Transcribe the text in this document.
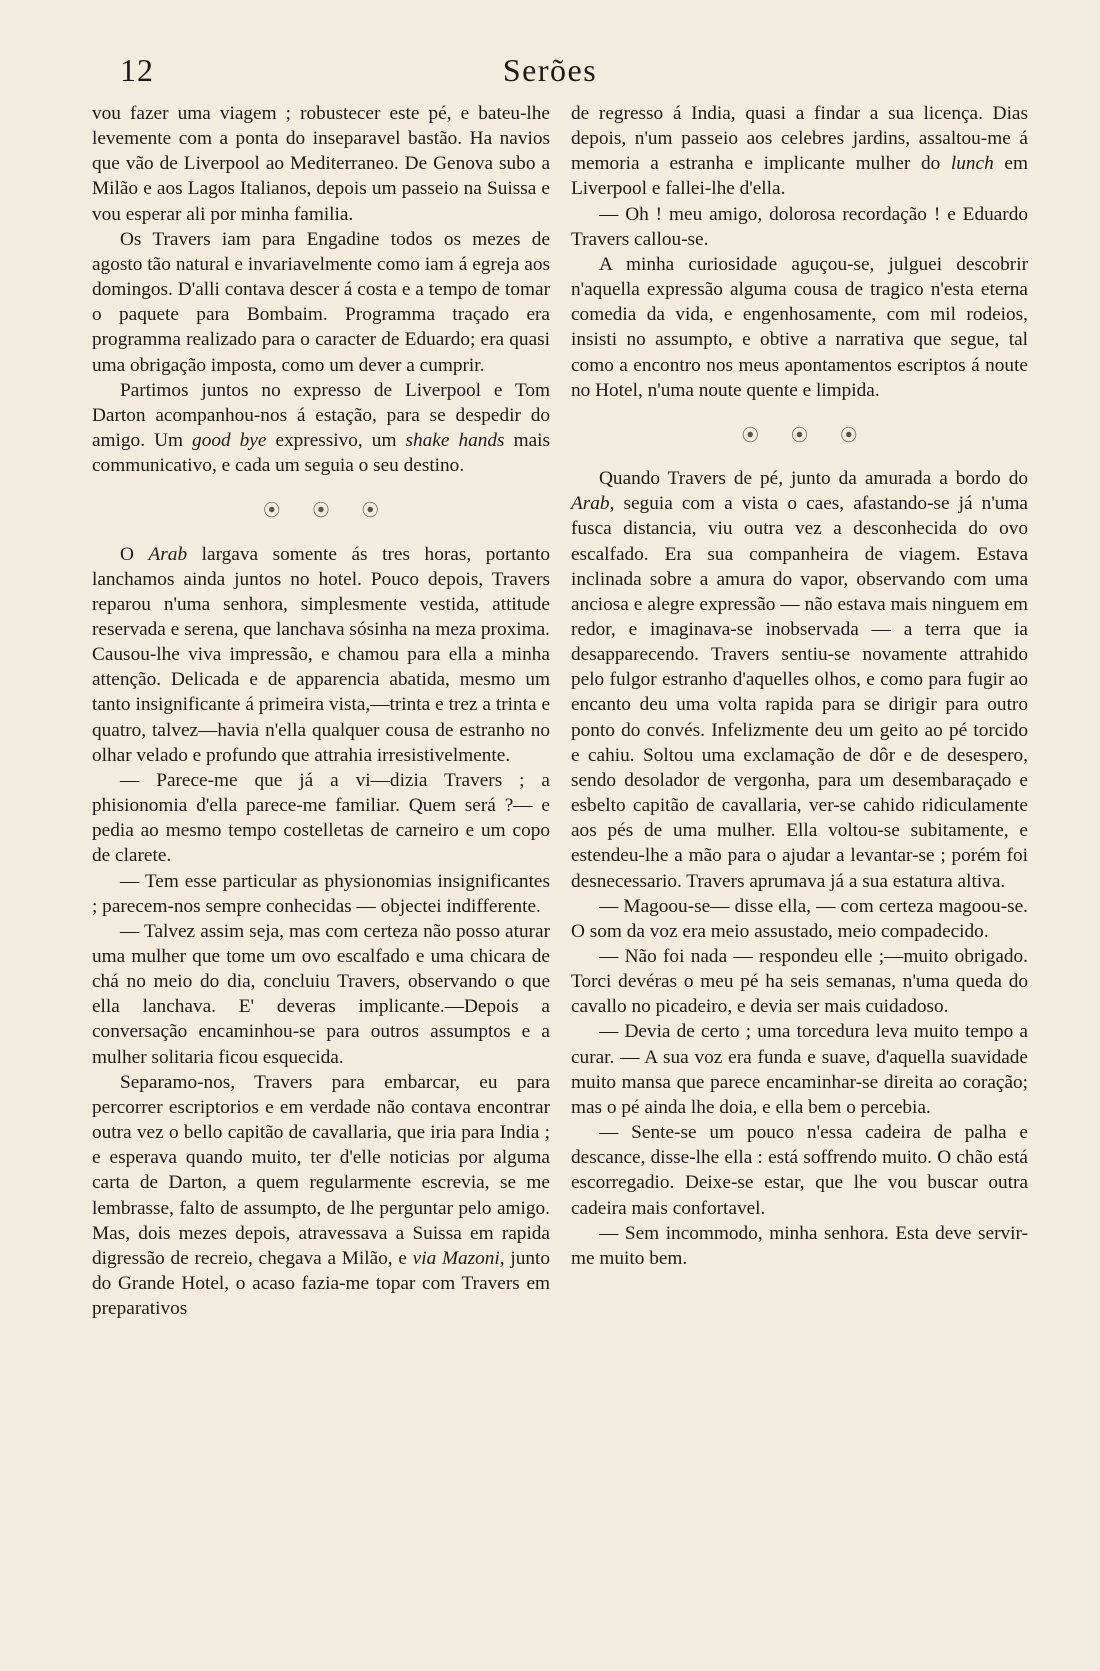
12	Serões

vou fazer uma viagem ; robustecer este pé, e bateu-lhe levemente com a ponta do inseparavel bastão. Ha navios que vão de Liverpool ao Mediterraneo. De Genova subo a Milão e aos Lagos Italianos, depois um passeio na Suissa e vou esperar ali por minha familia.

Os Travers iam para Engadine todos os mezes de agosto tão natural e invariavelmente como iam á egreja aos domingos. D'alli contava descer á costa e a tempo de tomar o paquete para Bombaim. Programma traçado era programma realizado para o caracter de Eduardo; era quasi uma obrigação imposta, como um dever a cumprir.

Partimos juntos no expresso de Liverpool e Tom Darton acompanhou-nos á estação, para se despedir do amigo. Um good bye expressivo, um shake hands mais communicativo, e cada um seguia o seu destino.

⦿ ⦿ ⦿

O Arab largava somente ás tres horas, portanto lanchamos ainda juntos no hotel. Pouco depois, Travers reparou n'uma senhora, simplesmente vestida, attitude reservada e serena, que lanchava sósinha na meza proxima. Causou-lhe viva impressão, e chamou para ella a minha attenção. Delicada e de apparencia abatida, mesmo um tanto insignificante á primeira vista,—trinta e trez a trinta e quatro, talvez—havia n'ella qualquer cousa de estranho no olhar velado e profundo que attrahia irresistivelmente.

— Parece-me que já a vi—dizia Travers ; a phisionomia d'ella parece-me familiar. Quem será ?— e pedia ao mesmo tempo costelletas de carneiro e um copo de clarete.

— Tem esse particular as physionomias insignificantes ; parecem-nos sempre conhecidas — objectei indifferente.

— Talvez assim seja, mas com certeza não posso aturar uma mulher que tome um ovo escalfado e uma chicara de chá no meio do dia, concluiu Travers, observando o que ella lanchava. E' deveras implicante.—Depois a conversação encaminhou-se para outros assumptos e a mulher solitaria ficou esquecida.

Separamo-nos, Travers para embarcar, eu para percorrer escriptorios e em verdade não contava encontrar outra vez o bello capitão de cavallaria, que iria para India ; e esperava quando muito, ter d'elle noticias por alguma carta de Darton, a quem regularmente escrevia, se me lembrasse, falto de assumpto, de lhe perguntar pelo amigo. Mas, dois mezes depois, atravessava a Suissa em rapida digressão de recreio, chegava a Milão, e via Mazoni, junto do Grande Hotel, o acaso fazia-me topar com Travers em preparativos

de regresso á India, quasi a findar a sua licença. Dias depois, n'um passeio aos celebres jardins, assaltou-me á memoria a estranha e implicante mulher do lunch em Liverpool e fallei-lhe d'ella.

— Oh ! meu amigo, dolorosa recordação ! e Eduardo Travers callou-se.

A minha curiosidade aguçou-se, julguei descobrir n'aquella expressão alguma cousa de tragico n'esta eterna comedia da vida, e engenhosamente, com mil rodeios, insisti no assumpto, e obtive a narrativa que segue, tal como a encontro nos meus apontamentos escriptos á noute no Hotel, n'uma noute quente e limpida.

⦿ ⦿ ⦿

Quando Travers de pé, junto da amurada a bordo do Arab, seguia com a vista o caes, afastando-se já n'uma fusca distancia, viu outra vez a desconhecida do ovo escalfado. Era sua companheira de viagem. Estava inclinada sobre a amura do vapor, observando com uma anciosa e alegre expressão — não estava mais ninguem em redor, e imaginava-se inobservada — a terra que ia desapparecendo. Travers sentiu-se novamente attrahido pelo fulgor estranho d'aquelles olhos, e como para fugir ao encanto deu uma volta rapida para se dirigir para outro ponto do convés. Infelizmente deu um geito ao pé torcido e cahiu. Soltou uma exclamação de dôr e de desespero, sendo desolador de vergonha, para um desembaraçado e esbelto capitão de cavallaria, ver-se cahido ridiculamente aos pés de uma mulher. Ella voltou-se subitamente, e estendeu-lhe a mão para o ajudar a levantar-se ; porém foi desnecessario. Travers aprumava já a sua estatura altiva.

— Magoou-se— disse ella, — com certeza magoou-se. O som da voz era meio assustado, meio compadecido.

— Não foi nada — respondeu elle ;—muito obrigado. Torci devéras o meu pé ha seis semanas, n'uma queda do cavallo no picadeiro, e devia ser mais cuidadoso.

— Devia de certo ; uma torcedura leva muito tempo a curar. — A sua voz era funda e suave, d'aquella suavidade muito mansa que parece encaminhar-se direita ao coração; mas o pé ainda lhe doia, e ella bem o percebia.

— Sente-se um pouco n'essa cadeira de palha e descance, disse-lhe ella : está soffrendo muito. O chão está escorregadio. Deixe-se estar, que lhe vou buscar outra cadeira mais confortavel.

— Sem incommodo, minha senhora. Esta deve servir-me muito bem.
